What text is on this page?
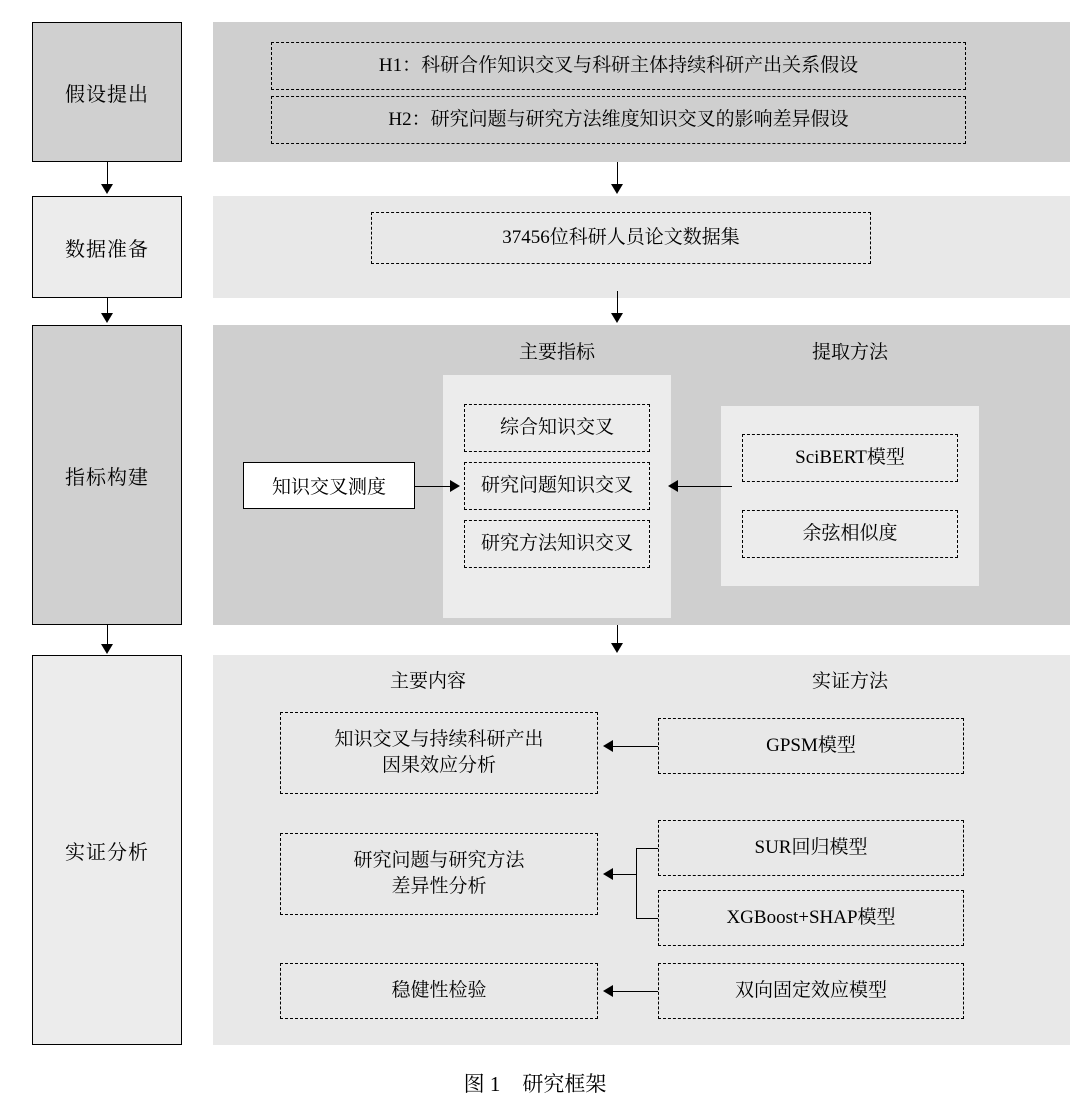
假设提出
数据准备
指标构建
实证分析
H1：科研合作知识交叉与科研主体持续科研产出关系假设
H2：研究问题与研究方法维度知识交叉的影响差异假设
37456位科研人员论文数据集
主要指标	提取方法
知识交叉测度
综合知识交叉
研究问题知识交叉
研究方法知识交叉
SciBERT模型
余弦相似度
主要内容	实证方法
知识交叉与持续科研产出
因果效应分析
研究问题与研究方法
差异性分析
稳健性检验
GPSM模型
SUR回归模型
XGBoost+SHAP模型
双向固定效应模型
图 1 研究框架
